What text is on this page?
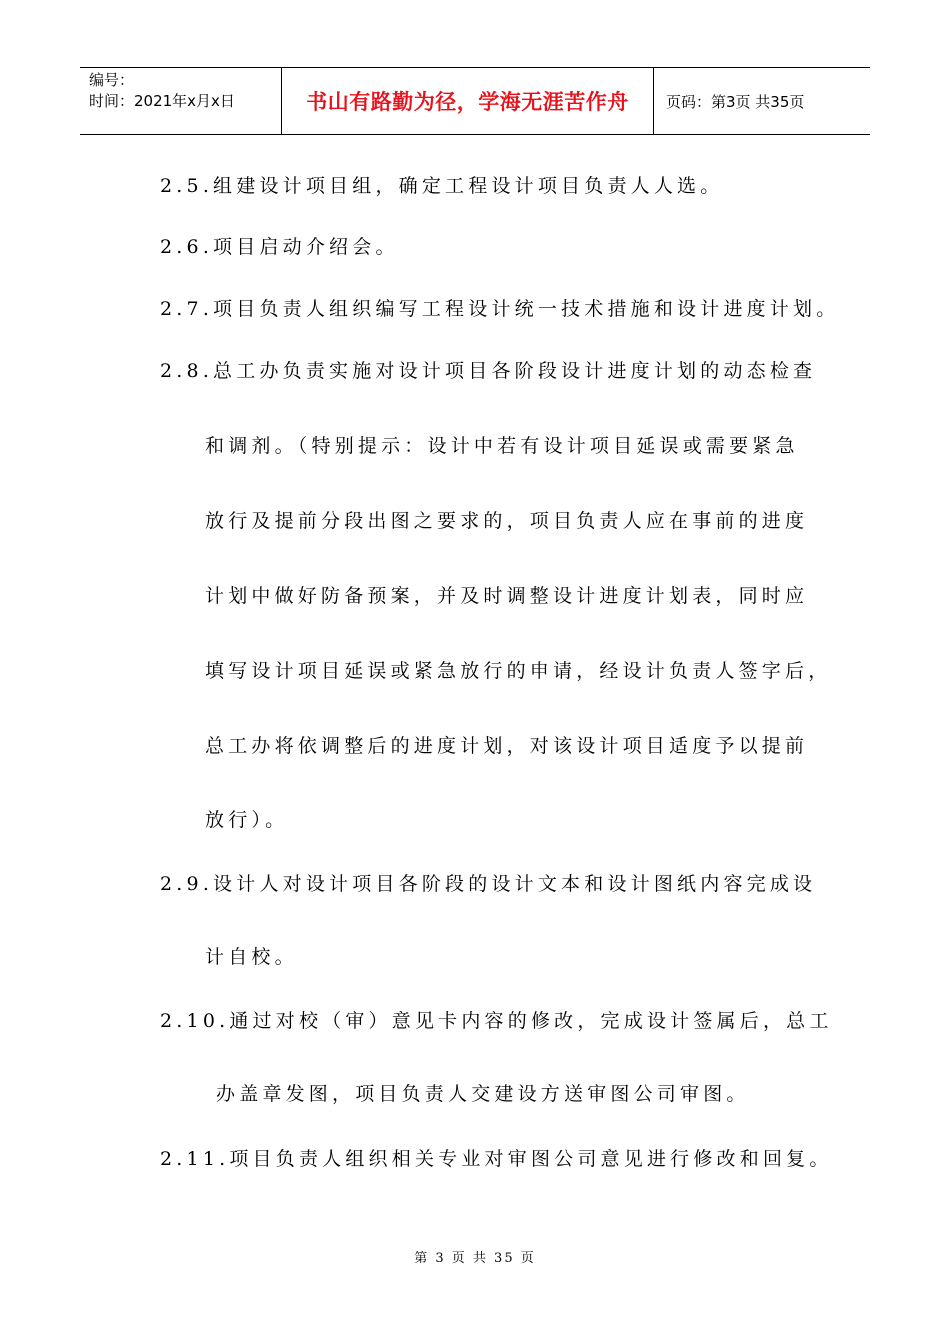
编号：
时间：2021年x月x日	书山有路勤为径，学海无涯苦作舟	页码：第3页 共35页
2.5.组建设计项目组，确定工程设计项目负责人人选。
2.6.项目启动介绍会。
2.7.项目负责人组织编写工程设计统一技术措施和设计进度计划。
2.8.总工办负责实施对设计项目各阶段设计进度计划的动态检查
和调剂。（特别提示：设计中若有设计项目延误或需要紧急
放行及提前分段出图之要求的，项目负责人应在事前的进度
计划中做好防备预案，并及时调整设计进度计划表，同时应
填写设计项目延误或紧急放行的申请，经设计负责人签字后，
总工办将依调整后的进度计划，对该设计项目适度予以提前
放行）。
2.9.设计人对设计项目各阶段的设计文本和设计图纸内容完成设
计自校。
2.10.通过对校（审）意见卡内容的修改，完成设计签属后，总工
办盖章发图，项目负责人交建设方送审图公司审图。
2.11.项目负责人组织相关专业对审图公司意见进行修改和回复。
第 3 页 共 35 页
